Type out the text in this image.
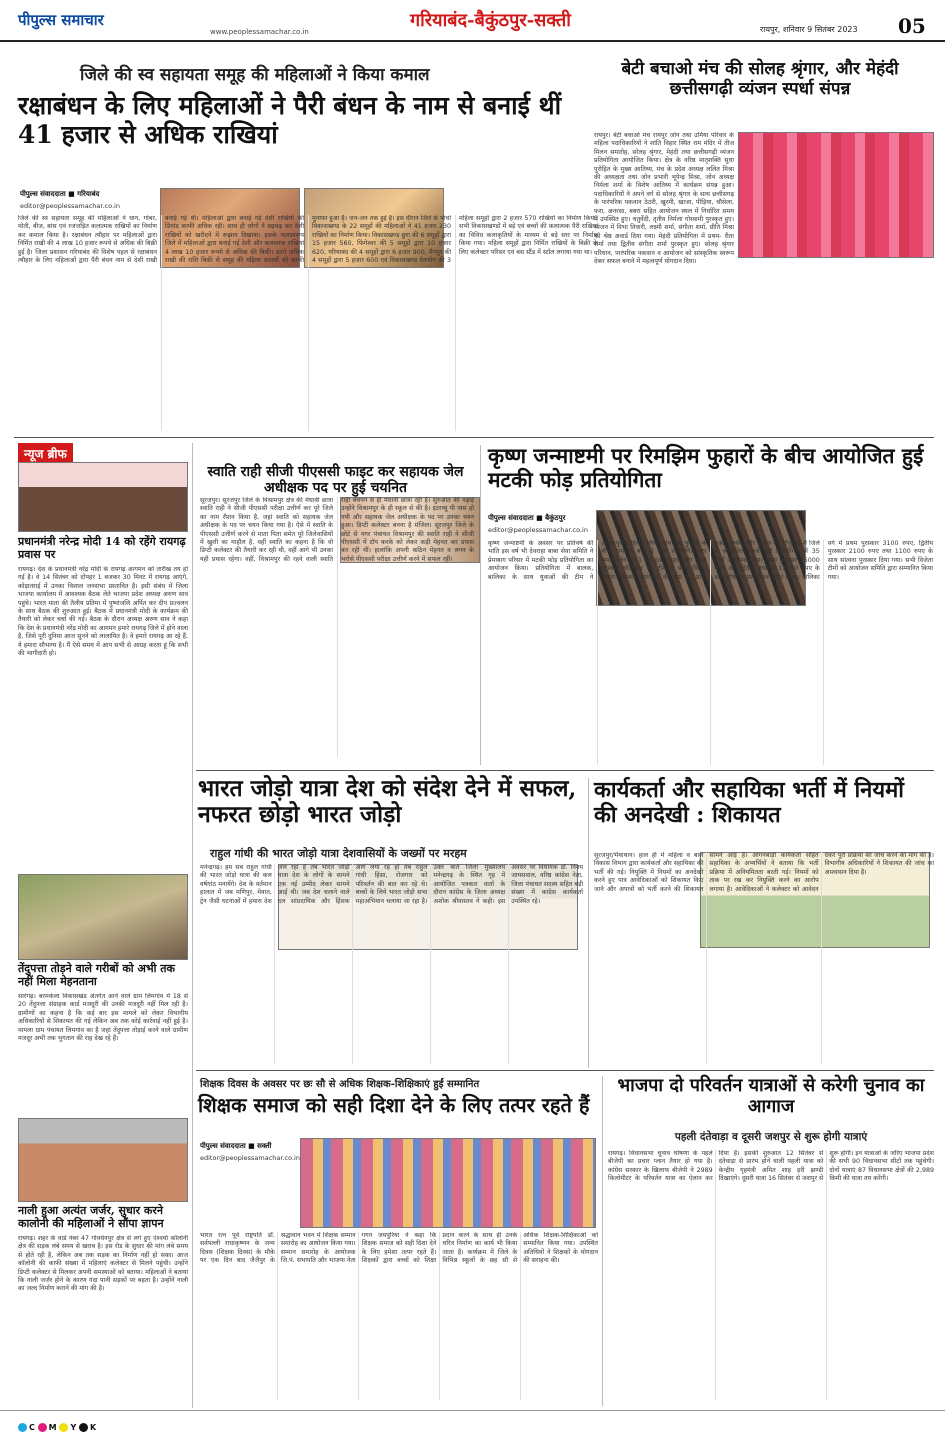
पीपुल्स समाचार
www.peoplessamachar.co.in
गरियाबंद-बैकुंठपुर-सक्ती	रायपुर, शनिवार 9 सितंबर 2023 05
जिले की स्व सहायता समूह की महिलाओं ने किया कमाल
रक्षाबंधन के लिए महिलाओं ने पैरी बंधन के नाम से बनाई थीं 41 हजार से अधिक राखियां
पीपुल्स संवाददाता ■ गरियाबंद
editor@peoplessamachar.co.in
जिले की स्व सहायता समूह की महिलाओं ने धान, गोबर, मोती, बीज, बांस एवं रजजड़ित कलात्मक राखियों का निर्माण कर कमाल किया है। रक्षाबंधन त्यौहार पर महिलाओं द्वारा निर्मित राखी की 4 लाख 10 हजार रूपये से अधिक की बिक्री हुई है। जिला प्रशासन गरियाबंद की विशेष पहल से रक्षाबंधन त्यौहार के लिए महिलाओं द्वारा पैरी बंधन नाम से देशी राखी बनाई गई थी। महिलाओं द्वारा बनाई गई देशी राखियों की डिमांड काफी अधिक रही। साथ ही लोगों ने बढ़चढ़ कर देशी राखियों को खरीदने में रूझान दिखाया। इसके फलस्वरूप जिले में महिलाओं द्वारा बनाई गई देशी और कलात्मक राखियां 4 लाख 10 हजार रूपये से अधिक की बिकी। इतने अधिक राखी की राशि बिकी से समूह की महिला सदस्यों को काफी मुनाफा हुआ है। जन-जन तक हुई है। इस दौरान जिले के पांचो विकासखण्ड के 22 समूहों की महिलाओं ने 41 हजार 230 राखियों का निर्माण किया। विकासखण्ड छुरा की 6 समूहों द्वारा 15 हजार 560, फिंगेश्वर की 5 समूहों द्वारा 10 हजार 620, गरियाबंद की 4 समूहों द्वारा 6 हजार 900, मैनपुर की 4 समूहों द्वारा 5 हजार 600 एवं विकासखण्ड देवभोग की 3 महिला समूहों द्वारा 2 हजार 570 राखियों का निर्माण किया। सभी विकासखण्डों में बड़े एवं बच्चों की कलात्मक पैरी राखियां का विविध कलाकृतियों के माध्यम से बड़े स्तर पर निर्माण किया गया। महिला समूहों द्वारा निर्मित राखियों के बिक्री के लिए कलेक्टर परिसर एवं बस स्टैंड में स्टॉल लगाया गया था।
बेटी बचाओ मंच की सोलह श्रृंगार, और मेहंदी छत्तीसगढ़ी व्यंजन स्पर्धा संपन्न
रायपुर। बेटी बचाओ मंच रायपुर जोन तथा उर्मिया परिवार के महिला पदाधिकारियों ने शांति विहार स्थित राम मंदिर में तीज मिलन समारोह, सोलह श्रृंगार, मेहंदी तथा छत्तीसगढ़ी व्यंजन प्रतियोगिता आयोजित किया। क्षेत्र के वरिष्ठ मातृशक्ति सुधा पुरोहित के मुख्य आतिथ्य, मंच के प्रदेश अध्यक्ष ललित मिश्रा की अध्यक्षता तथा जोन प्रभारी भूपेन्द्र मिश्रा, जोन अध्यक्ष निर्मला शर्मा के विशेष आतिथ्य में कार्यक्रम संपन्न हुआ। पदाधिकारियों ने अपने वर्ग से सोलह श्रृंगार के साथ छत्तीसगढ़ के पारंपरिक पकवान ठेठरी, खुरमी, खाजा, पीड़िया, चौसेला, फरा, अनरसा, बबरा सहित आयोजन स्थल में निर्धारित समय में उपस्थित हुए। चतुर्वेदी, तृतीय निर्मला गोस्वामी पुरस्कृत हुए। व्यंजन में विभा तिवारी, लक्ष्मी शर्मा, संगीता शर्मा, प्रीति मिश्रा को श्रेष्ठ अवार्ड दिया गया। मेहंदी प्रतियोगिता में प्रथम- रीता शर्मा तथा द्वितीय संगीता शर्मा पुरस्कृत हुए। सोलह श्रृंगार परिधान, पारंपरिक पकवान व आयोजन को सांस्कृतिक स्वरूप देकर सफल बनाने में महत्वपूर्ण योगदान दिया।
न्यूज ब्रीफ
प्रधानमंत्री नरेन्द्र मोदी 14 को रहेंगे रायगढ़ प्रवास पर
रायगढ़। देश के प्रधानमंत्री नरेंद्र मोदी के रायगढ़ आगमन को तारीख तय हो गई है। वे 14 सितंबर को दोपहर 1 बजकर 30 मिनट में रायगढ़ आएंगे, कोड़ातराई में उनका विशाल जनसभा प्रस्तावित है। इसी संबंध में जिला भाजपा कार्यालय में आवश्यक बैठक लेते भाजपा प्रदेश अध्यक्ष अरुण साव पहुंचे। भारत माता की तैलीय प्रतिमा में पुष्पांजलि अर्पित कर दीप प्रज्वलन के साथ बैठक की शुरुआत हुई। बैठक में प्रधानमंत्री मोदी के कार्यक्रम की तैयारी को लेकर चर्चा की गई। बैठक के दौरान अध्यक्ष अरुण साव ने कहा कि देश के प्रधानमंत्री नरेंद्र मोदी का आगमन हमारे रायगढ़ जिले में होने वाला है, जिसे पूरी दुनिया आज सुनने को लालायित है। वे हमारे रायगढ़ आ रहे हैं, ये हमारा सौभाग्य है। मैं ऐसे समय में आप सभी से आग्रह करता हूं कि सभी की भागीदारी हो।
तेंदुपत्ता तोड़ने वाले गरीबों को अभी तक नहीं मिला मेहनताना
सारंगढ़। बरमकेला विकासखंड अंतर्गत आने वाले ग्राम लिमगांव में 18 से 20 तेंदुपत्ता संग्राहक कार्ड मजदूरी की उनकी मजदूरी नहीं मिल रही है। ग्रामीणों का कहना है कि कई बार इस मामले को लेकर विभागीय अधिकारियों से शिकायत की गई लेकिन अब तक कोई कार्रवाई नहीं हुई है। मामला ग्राम पंचायत लिमगांव का है जहां तेंदुपत्ता तोड़ाई करने वाले ग्रामीण मजदूर अभी तक भुगतान की राह देख रहे हैं।
नाली हुआ अत्यंत जर्जर, सुधार करने कालोनी की महिलाओं ने सौंपा ज्ञापन
रायगढ़। शहर के वार्ड नंबर 47 गोवर्धनपुर क्षेत्र से लगे हुए ऐश्वर्या कॉलोनी क्षेत्र की सड़क लंबे समय से खराब है। इस रोड के सुधार की मांग लंबे समय से होते रही है, लेकिन अब तक सड़क का निर्माण नहीं हो सका। आज कॉलोनी की काफी संख्या में महिलाएं कलेक्टर से मिलने पहुंची। उन्होंने डिप्टी कलेक्टर से मिलकर अपनी समस्याओं को बताया। महिलाओं ने बताया कि नाली जर्जर होने के कारण गंदा पानी सड़कों पर बहता है। उन्होंने नाली का जल्द निर्माण कराने की मांग की है।
स्वाति राही सीजी पीएससी फाइट कर सहायक जेल अधीक्षक पद पर हुई चयनित
सूरजपुर। सूरजपुर जिले के विश्रामपुर क्षेत्र की मेधावी छात्रा स्वाति राही ने सीजी पीएससी परीक्षा उत्तीर्ण कर पूरे जिले का नाम रौशन किया है, जहां स्वाति को सहायक जेल अधीक्षक के पद पर चयन किया गया है। ऐसे में स्वाति के पीएससी उत्तीर्ण करने से माता पिता समेत पूरे जिलेवासियों में खुशी का माहौल है, वहीं स्वाति का कहना है कि वो डिप्टी कलेक्टर की तैयारी कर रही थी, वहीं आगे भी उनका यही प्रयास रहेगा। वहीं, विश्रामपुर की रहने वाली स्वाति राही बचपन से ही मेधावी छात्रा रही है। शुरुआत की पढ़ाई उन्होंने विश्रामपुर के ही स्कूल से की है। इंटरव्यू पी पास हो गयी और सहायक जेल अधीक्षक के पद पर उनका चयन हुआ। डिप्टी कलेक्टर बनना है मंजिल। सूरजपुर जिले के छोटे से नगर पंचायत विश्रामपुर की स्वाति राही ने सीजी पीएससी में टॉप करके को लेकर कड़ी मेहनत कर प्रयास कर रही थीं। हालांकि अपनी कठिन मेहनत व लगन के भरोसे पीएससी परीक्षा उत्तीर्ण करने में सफल रहीं।
कृष्ण जन्माष्टमी पर रिमझिम फुहारों के बीच आयोजित हुई मटकी फोड़ प्रतियोगिता
पीपुल्स संवाददाता ■ बैकुंठपुर
editor@peoplessamachar.co.in
कृष्ण जन्माष्टमी के अवसर पर प्रतिवर्ष की भांति इस वर्ष भी देवराहा बाबा सेवा समिति ने प्रेमाबाग परिसर में मटकी फोड़ प्रतियोगिता का आयोजन किया। प्रतियोगिता में बालक, बालिका के साथ युवाओं की टीम ने उत्साहपूर्वक हिस्सा लिया। रिमझिम फुहारों के बीच शाम 6 बजे से शुरू प्रतियोगिता का समापन देर रात 1 बजे हुआ। पहला और दूसरा पुरस्कार चौटांकुरा की टीम ने प्राप्त किया, तीसरा पुरस्कार जामपारा की टीम को प्राप्त हुआ। सार्थक और ईलाज की मौजूदगी में जिले में आयोजित सबसे बड़ी प्रतियोगिता में 35 टीमों ने हिस्सा लिया। प्रथम पुरस्कार 15000 रुपए और द्वितीय पुरस्कार 11000 रुपए के साथ ट्रॉफी व प्रशस्तिपत्र प्रदान किया। बालिका वर्ग में प्रथम पुरस्कार 3100 रुपए, द्वितीय पुरस्कार 2100 रुपए तथा 1100 रुपए के साथ सांत्वना पुरस्कार दिया गया। सभी विजेता टीमों को आयोजन समिति द्वारा सम्मानित किया गया।
भारत जोड़ो यात्रा देश को संदेश देने में सफल, नफरत छोड़ो भारत जोड़ो
राहुल गांधी की भारत जोड़ो यात्रा देशवासियों के जख्मों पर मरहम
मनेन्द्रगढ़। हम सब राहुल गांधी की भारत जोड़ो यात्रा की कल वर्षगांठ मनायेंगे। देश के वर्तमान हालात में जब मणिपुर, मेवात, ट्रेन जैसी घटनाओं में हमारा देश जल रहा है तब भारत जोड़ो यात्रा देश के लोगों के सामने एक नई उम्मीद लेकर सामने आई थी। जब देश चलाने वाले दल सांप्रदायिक और हिंसक आग लगा रहे हों तब राहुल गांधी हिंसा, रोजगार को परिवर्तन की बात कर रहे थे। बच्चों के लिये भारत जोड़ो सभा महाअभियान चलाया जा रहा है। उक्त बातें जिला मुख्यालय मनेन्द्रगढ़ के स्थित गृह में आयोजित पत्रकार वार्ता के दौरान कांग्रेस के जिला अध्यक्ष अशोक श्रीवास्तव ने कही। इस अवसर पर विधायक डॉ. विनय जायसवाल, वरिष्ठ कांग्रेस नेता, जिला पंचायत सदस्य सहित बड़ी संख्या में कांग्रेस कार्यकर्ता उपस्थित रहे।
कार्यकर्ता और सहायिका भर्ती में नियमों की अनदेखी : शिकायत
सूरजपुर/भैयाथान। हाल ही में महिला व बाल विकास विभाग द्वारा कार्यकर्ता और सहायिका की भर्ती की गई। नियुक्ति में नियमों का अनदेखी करने हुए पात्र आवेदिकाओं को शिकायत किए जाने और अपात्रों को भर्ती करने की शिकायत सामने आई है। आंगनबाड़ी कार्यकर्ता सहित सहायिका के अभ्यर्थियों ने बताया कि भर्ती प्रक्रिया में अनियमितता बरती गई। नियमों को ताक पर रख कर नियुक्ति करने का आरोप लगाया है। आवेदिकाओं ने कलेक्टर को आवेदन देकर पूरी प्रक्रिया की जांच करने की मांग की है। विभागीय अधिकारियों ने शिकायत की जांच का आश्वासन दिया है।
शिक्षक दिवस के अवसर पर छः सौ से अधिक शिक्षक-शिक्षिकाएं हुईं सम्मानित
शिक्षक समाज को सही दिशा देने के लिए तत्पर रहते हैं
पीपुल्स संवाददाता ■ सक्ती
editor@peoplessamachar.co.in
भारत रत्न पूर्व राष्ट्रपति डॉ. सर्वपल्ली राधाकृष्णन के जन्म दिवस (शिक्षक दिवस) के मौके पर एक दिन बाद जैजैपुर के श्रद्धावान भवन में शिक्षक सम्मान समारोह का आयोजन किया गया। सम्मान समारोह के आयोजक जि.पं. सभापति और भाजपा नेता गगन जयपुरिया ने कहा कि शिक्षक समाज को सही दिशा देने के लिए हमेशा तत्पर रहते हैं। शिक्षकों द्वारा बच्चों को शिक्षा प्रदान करने के साथ ही उनके चरित्र निर्माण का कार्य भी किया जाता है। कार्यक्रम में जिले के विभिन्न स्कूलों के छह सौ से अधिक शिक्षक-शिक्षिकाओं को सम्मानित किया गया। उपस्थित अतिथियों ने शिक्षकों के योगदान की सराहना की।
भाजपा दो परिवर्तन यात्राओं से करेगी चुनाव का आगाज
पहली दंतेवाड़ा व दूसरी जशपुर से शुरू होगी यात्राएं
रायगढ़। विधानसभा चुनाव घोषणा के पहले बीजेपी का प्रचार प्लान तैयार हो गया है। कांग्रेस सरकार के खिलाफ बीजेपी ने 2989 किलोमीटर के परिवर्तन यात्रा का ऐलान कर दिया है। इसकी शुरुआत 12 सितंबर से दंतेवाड़ा से प्रारंभ होने वाली पहली यात्रा को केन्द्रीय गृहमंत्री अमित शाह हरी झण्डी दिखाएंगे। दूसरी यात्रा 16 सितंबर से जशपुर से शुरू होगी। इन यात्राओं के जरिए भाजपा प्रदेश की सभी 90 विधानसभा सीटों तक पहुंचेगी। दोनों यात्राएं 87 विधानसभा क्षेत्रों की 2,989 किमी की यात्रा तय करेंगी।
C M Y K
